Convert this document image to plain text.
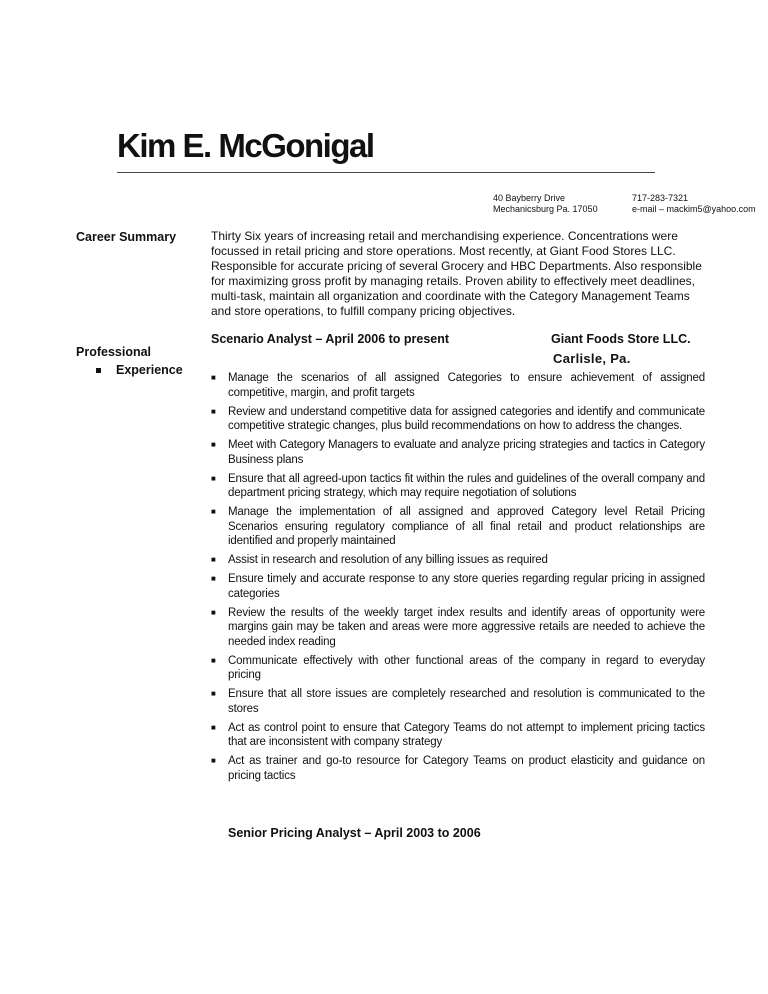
Kim E. McGonigal
40 Bayberry Drive
Mechanicsburg Pa. 17050
717-283-7321
e-mail – mackim5@yahoo.com
Career Summary	Thirty Six years of increasing retail and merchandising experience. Concentrations were focussed in retail pricing and store operations. Most recently, at Giant Food Stores LLC. Responsible for accurate pricing of several Grocery and HBC Departments. Also responsible for maximizing gross profit by managing retails. Proven ability to effectively meet deadlines, multi-task, maintain all organization and coordinate with the Category Management Teams and store operations, to fulfill company pricing objectives.
Scenario Analyst – April 2006 to present	Giant Foods Store LLC.
Carlisle, Pa.
Professional
Experience
■ Manage the scenarios of all assigned Categories to ensure achievement of assigned competitive, margin, and profit targets
■ Review and understand competitive data for assigned categories and identify and communicate competitive strategic changes, plus build recommendations on how to address the changes.
■ Meet with Category Managers to evaluate and analyze pricing strategies and tactics in Category Business plans
■ Ensure that all agreed-upon tactics fit within the rules and guidelines of the overall company and department pricing strategy, which may require negotiation of solutions
■ Manage the implementation of all assigned and approved Category level Retail Pricing Scenarios ensuring regulatory compliance of all final retail and product relationships are identified and properly maintained
■ Assist in research and resolution of any billing issues as required
■ Ensure timely and accurate response to any store queries regarding regular pricing in assigned categories
■ Review the results of the weekly target index results and identify areas of opportunity were margins gain may be taken and areas were more aggressive retails are needed to achieve the needed index reading
■ Communicate effectively with other functional areas of the company in regard to everyday pricing
■ Ensure that all store issues are completely researched and resolution is communicated to the stores
■ Act as control point to ensure that Category Teams do not attempt to implement pricing tactics that are inconsistent with company strategy
■ Act as trainer and go-to resource for Category Teams on product elasticity and guidance on pricing tactics
Senior Pricing Analyst – April 2003 to 2006
